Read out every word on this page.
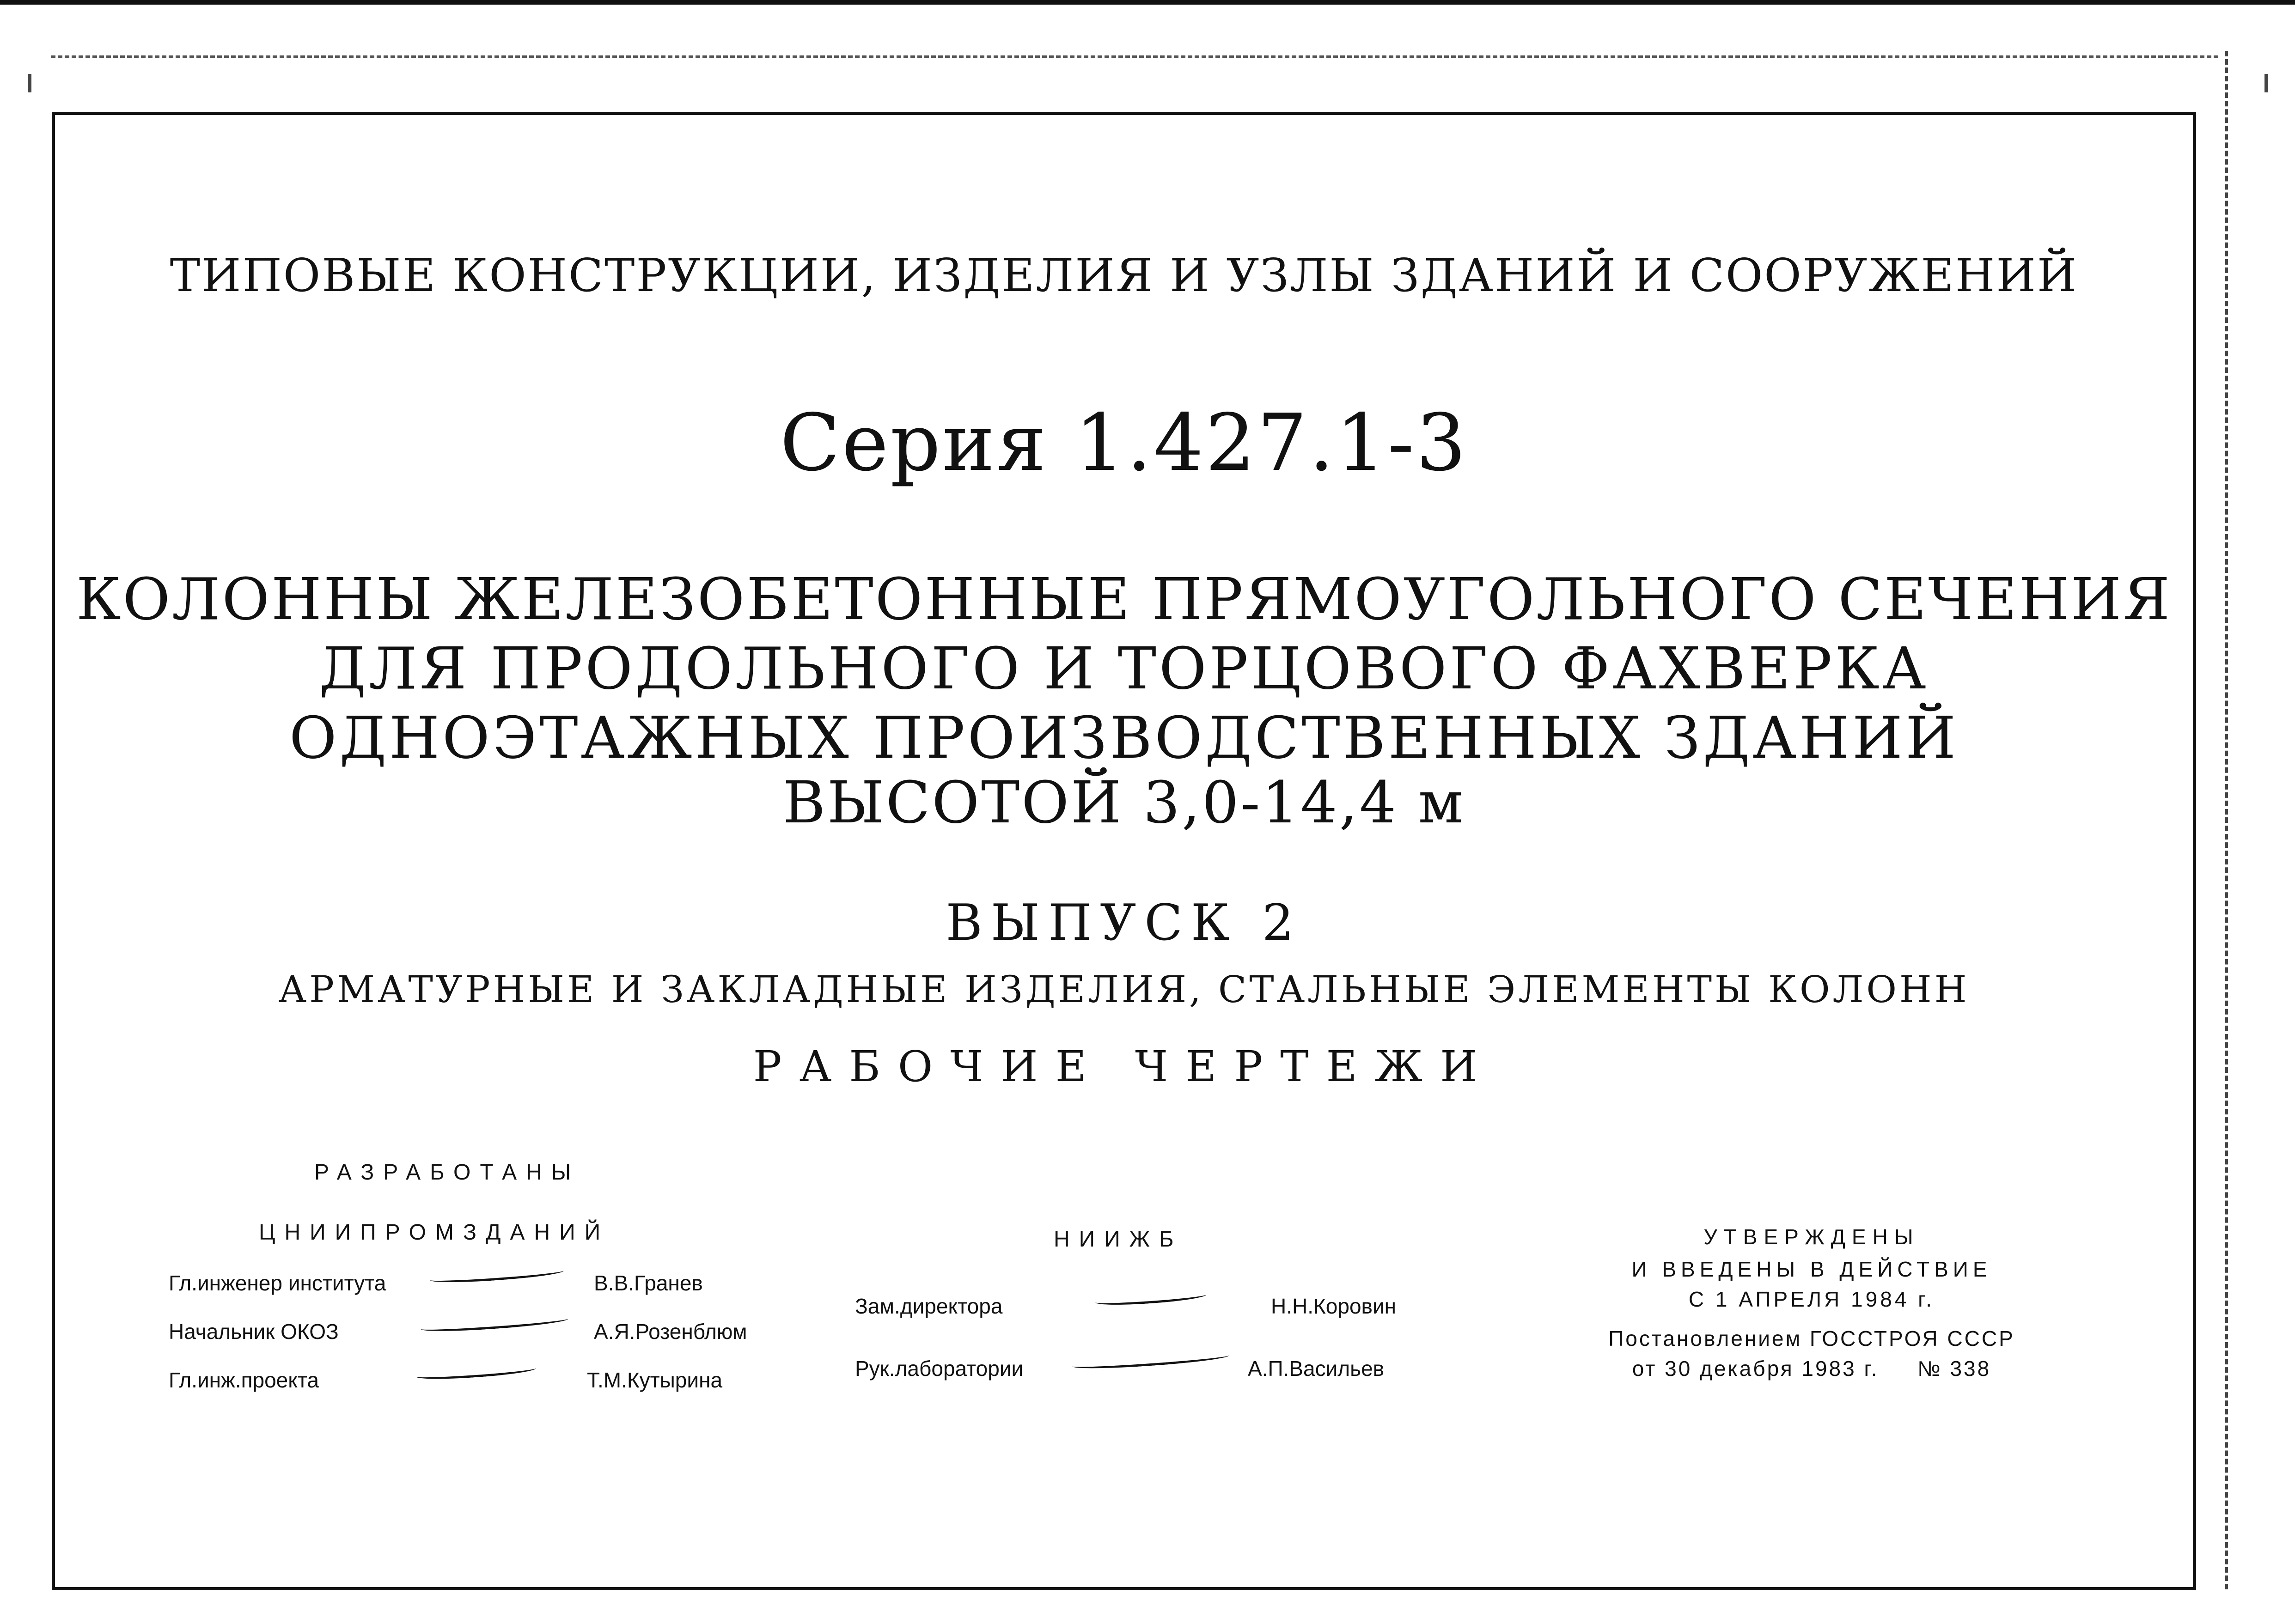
ТИПОВЫЕ КОНСТРУКЦИИ, ИЗДЕЛИЯ И УЗЛЫ ЗДАНИЙ И СООРУЖЕНИЙ
Серия 1.427.1-3
КОЛОННЫ ЖЕЛЕЗОБЕТОННЫЕ ПРЯМОУГОЛЬНОГО СЕЧЕНИЯ
ДЛЯ ПРОДОЛЬНОГО И ТОРЦОВОГО ФАХВЕРКА
ОДНОЭТАЖНЫХ ПРОИЗВОДСТВЕННЫХ ЗДАНИЙ
ВЫСОТОЙ 3,0-14,4 м
ВЫПУСК 2
АРМАТУРНЫЕ И ЗАКЛАДНЫЕ ИЗДЕЛИЯ, СТАЛЬНЫЕ ЭЛЕМЕНТЫ КОЛОНН
РАБОЧИЕ ЧЕРТЕЖИ
РАЗРАБОТАНЫ
ЦНИИПРОМЗДАНИЙ
Гл.инженер института	В.В.Гранев
Начальник ОКОЗ	А.Я.Розенблюм
Гл.инж.проекта	Т.М.Кутырина
НИИЖБ
Зам.директора	Н.Н.Коровин
Рук.лаборатории	А.П.Васильев
УТВЕРЖДЕНЫ
И ВВЕДЕНЫ В ДЕЙСТВИЕ
С 1 АПРЕЛЯ 1984 г.
Постановлением ГОССТРОЯ СССР
от 30 декабря 1983 г.     № 338
